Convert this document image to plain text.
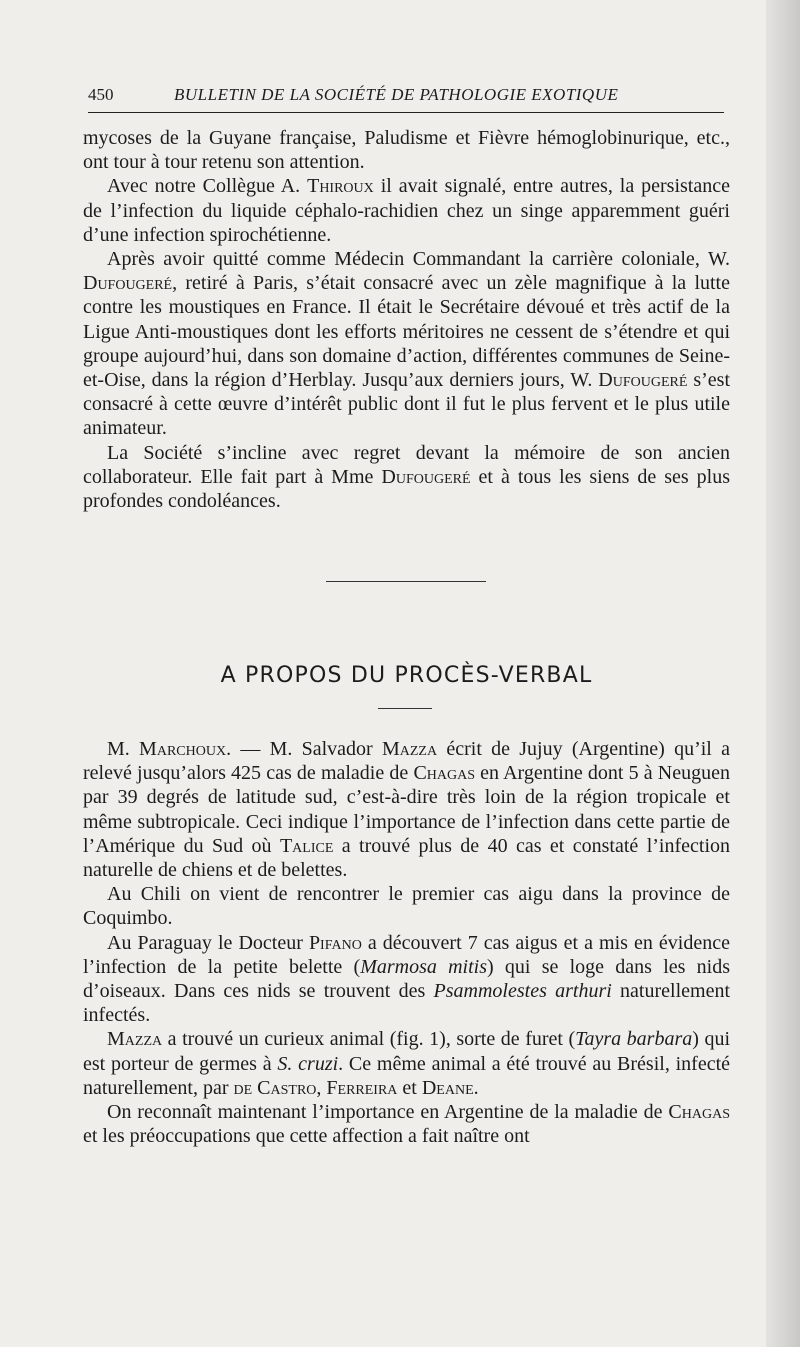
450	BULLETIN DE LA SOCIÉTÉ DE PATHOLOGIE EXOTIQUE

mycoses de la Guyane française, Paludisme et Fièvre hémoglobinurique, etc., ont tour à tour retenu son attention.

Avec notre Collègue A. Thiroux il avait signalé, entre autres, la persistance de l’infection du liquide céphalo-rachidien chez un singe apparemment guéri d’une infection spirochétienne.

Après avoir quitté comme Médecin Commandant la carrière coloniale, W. Dufougeré, retiré à Paris, s’était consacré avec un zèle magnifique à la lutte contre les moustiques en France. Il était le Secrétaire dévoué et très actif de la Ligue Anti-moustiques dont les efforts méritoires ne cessent de s’étendre et qui groupe aujourd’hui, dans son domaine d’action, différentes communes de Seine-et-Oise, dans la région d’Herblay. Jusqu’aux derniers jours, W. Dufougeré s’est consacré à cette œuvre d’intérêt public dont il fut le plus fervent et le plus utile animateur.

La Société s’incline avec regret devant la mémoire de son ancien collaborateur. Elle fait part à Mme Dufougeré et à tous les siens de ses plus profondes condoléances.

A PROPOS DU PROCÈS-VERBAL

M. Marchoux. — M. Salvador Mazza écrit de Jujuy (Argentine) qu’il a relevé jusqu’alors 425 cas de maladie de Chagas en Argentine dont 5 à Neuguen par 39 degrés de latitude sud, c’est-à-dire très loin de la région tropicale et même subtropicale. Ceci indique l’importance de l’infection dans cette partie de l’Amérique du Sud où Talice a trouvé plus de 40 cas et constaté l’infection naturelle de chiens et de belettes.

Au Chili on vient de rencontrer le premier cas aigu dans la province de Coquimbo.

Au Paraguay le Docteur Pifano a découvert 7 cas aigus et a mis en évidence l’infection de la petite belette (Marmosa mitis) qui se loge dans les nids d’oiseaux. Dans ces nids se trouvent des Psammolestes arthuri naturellement infectés.

Mazza a trouvé un curieux animal (fig. 1), sorte de furet (Tayra barbara) qui est porteur de germes à S. cruzi. Ce même animal a été trouvé au Brésil, infecté naturellement, par de Castro, Ferreira et Deane.

On reconnaît maintenant l’importance en Argentine de la maladie de Chagas et les préoccupations que cette affection a fait naître ont
